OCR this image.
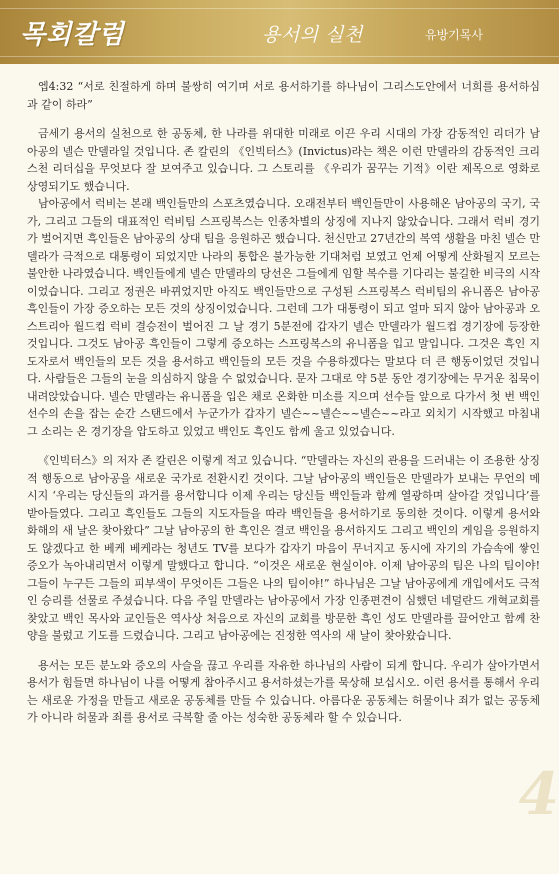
목회칼럼	용서의 실천	유방기목사

엡4:32 “서로 친절하게 하며 불쌍히 여기며 서로 용서하기를 하나님이 그리스도안에서 너희를 용서하심과 같이 하라”

금세기 용서의 실천으로 한 공동체, 한 나라를 위대한 미래로 이끈 우리 시대의 가장 감동적인 리더가 남아공의 넬슨 만델라일 것입니다. 존 칼린의 《인빅터스》(Invictus)라는 책은 이런 만델라의 감동적인 크리스천 리더십을 무엇보다 잘 보여주고 있습니다. 그 스토리를 《우리가 꿈꾸는 기적》이란 제목으로 영화로 상영되기도 했습니다.

남아공에서 럭비는 본래 백인들만의 스포츠였습니다. 오래전부터 백인들만이 사용해온 남아공의 국기, 국가, 그리고 그들의 대표적인 럭비팀 스프링복스는 인종차별의 상징에 지나지 않았습니다. 그래서 럭비 경기가 벌어지면 흑인들은 남아공의 상대 팀을 응원하곤 했습니다. 천신만고 27년간의 복역 생활을 마친 넬슨 만델라가 극적으로 대통령이 되었지만 나라의 통합은 불가능한 기대처럼 보였고 언제 어떻게 산화될지 모르는 불안한 나라였습니다. 백인들에게 넬슨 만델라의 당선은 그들에게 임할 복수를 기다리는 불길한 비극의 시작이었습니다. 그리고 정권은 바뀌었지만 아직도 백인들만으로 구성된 스프링복스 럭비팀의 유니폼은 남아공 흑인들이 가장 증오하는 모든 것의 상징이었습니다. 그런데 그가 대통령이 되고 얼마 되지 않아 남아공과 오스트리아 월드컵 럭비 결승전이 벌어진 그 날 경기 5분전에 갑자기 넬슨 만델라가 월드컵 경기장에 등장한 것입니다. 그것도 남아공 흑인들이 그렇게 증오하는 스프링복스의 유니폼을 입고 말입니다. 그것은 흑인 지도자로서 백인들의 모든 것을 용서하고 백인들의 모든 것을 수용하겠다는 말보다 더 큰 행동이었던 것입니다. 사람들은 그들의 눈을 의심하지 않을 수 없었습니다. 문자 그대로 약 5분 동안 경기장에는 무거운 침묵이 내려앉았습니다. 넬슨 만델라는 유니폼을 입은 채로 온화한 미소를 지으며 선수들 앞으로 다가서 첫 번 백인 선수의 손을 잡는 순간 스탠드에서 누군가가 갑자기 넬슨~~넬슨~~넬슨~~라고 외치기 시작했고 마침내 그 소리는 온 경기장을 압도하고 있었고 백인도 흑인도 함께 울고 있었습니다.

《인빅터스》의 저자 존 칼린은 이렇게 적고 있습니다. “만델라는 자신의 관용을 드러내는 이 조용한 상징적 행동으로 남아공을 새로운 국가로 전환시킨 것이다. 그날 남아공의 백인들은 만델라가 보내는 무언의 메시지 ‘우리는 당신들의 과거를 용서합니다 이제 우리는 당신들 백인들과 함께 열광하며 살아갈 것입니다’를 받아들였다. 그리고 흑인들도 그들의 지도자들을 따라 백인들을 용서하기로 동의한 것이다. 이렇게 용서와 화해의 새 날은 찾아왔다” 그날 남아공의 한 흑인은 결코 백인을 용서하지도 그리고 백인의 게임을 응원하지도 않겠다고 한 베케 베케라는 청년도 TV를 보다가 갑자기 마음이 무너지고 동시에 자기의 가슴속에 쌓인 증오가 녹아내리면서 이렇게 말했다고 합니다. “이것은 새로운 현실이야. 이제 남아공의 팀은 나의 팀이야! 그들이 누구든 그들의 피부색이 무엇이든 그들은 나의 팀이야!” 하나님은 그날 남아공에게 개입에서도 극적인 승리를 선물로 주셨습니다. 다음 주일 만델라는 남아공에서 가장 인종편견이 심했던 네덜란드 개혁교회를 찾았고 백인 목사와 교인들은 역사상 처음으로 자신의 교회를 방문한 흑인 성도 만델라를 끌어안고 함께 찬양을 불렀고 기도를 드렸습니다. 그리고 남아공에는 진정한 역사의 새 날이 찾아왔습니다.

용서는 모든 분노와 증오의 사슬을 끊고 우리를 자유한 하나님의 사람이 되게 합니다. 우리가 살아가면서 용서가 힘들면 하나님이 나를 어떻게 참아주시고 용서하셨는가를 묵상해 보십시오. 이런 용서를 통해서 우리는 새로운 가정을 만들고 새로운 공동체를 만들 수 있습니다. 아름다운 공동체는 허물이나 죄가 없는 공동체가 아니라 허물과 죄를 용서로 극복할 줄 아는 성숙한 공동체라 할 수 있습니다.

4
